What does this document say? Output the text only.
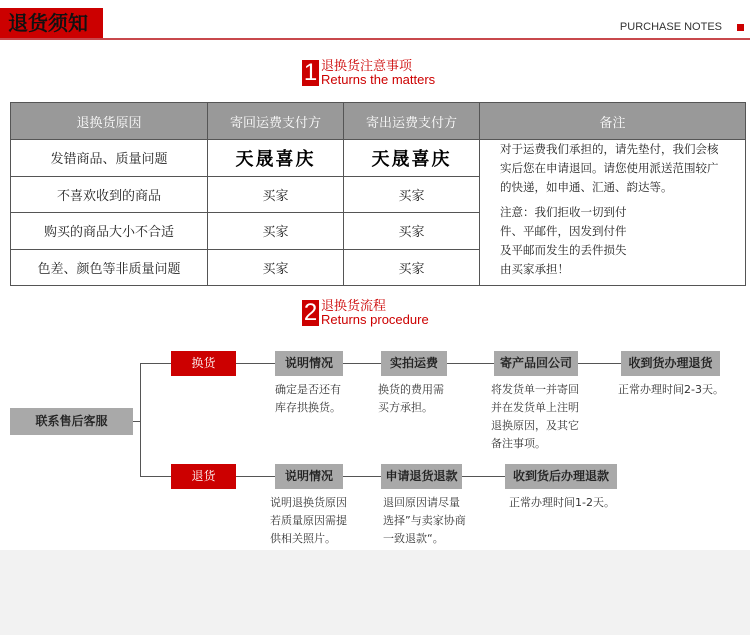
退货须知	PURCHASE NOTES
1 退换货注意事项
Returns the matters
退换货原因	寄回运费支付方	寄出运费支付方	备注
发错商品、质量问题	天晟喜庆	天晟喜庆	对于运费我们承担的，请先垫付，我们会核实后您在申请退回。请您使用派送范围较广的快递，如申通、汇通、韵达等。

注意：我们拒收一切到付件、平邮件，因发到付件及平邮而发生的丢件损失由买家承担！

不喜欢收到的商品	买家	买家	
购买的商品大小不合适	买家	买家	
色差、颜色等非质量问题	买家	买家	
2 退换货流程
Returns procedure
联系售后客服
换货	说明情况	实拍运费	寄产品回公司	收到货办理退货
确定是否还有库存拱换货。
换货的费用需买方承担。
将发货单一并寄回并在发货单上注明退换原因，及其它备注事项。
正常办理时间2-3天。
退货	说明情况	申请退货退款	收到货后办理退款
说明退换货原因若质量原因需提供相关照片。
退回原因请尽量选择”与卖家协商一致退款“。
正常办理时间1-2天。
